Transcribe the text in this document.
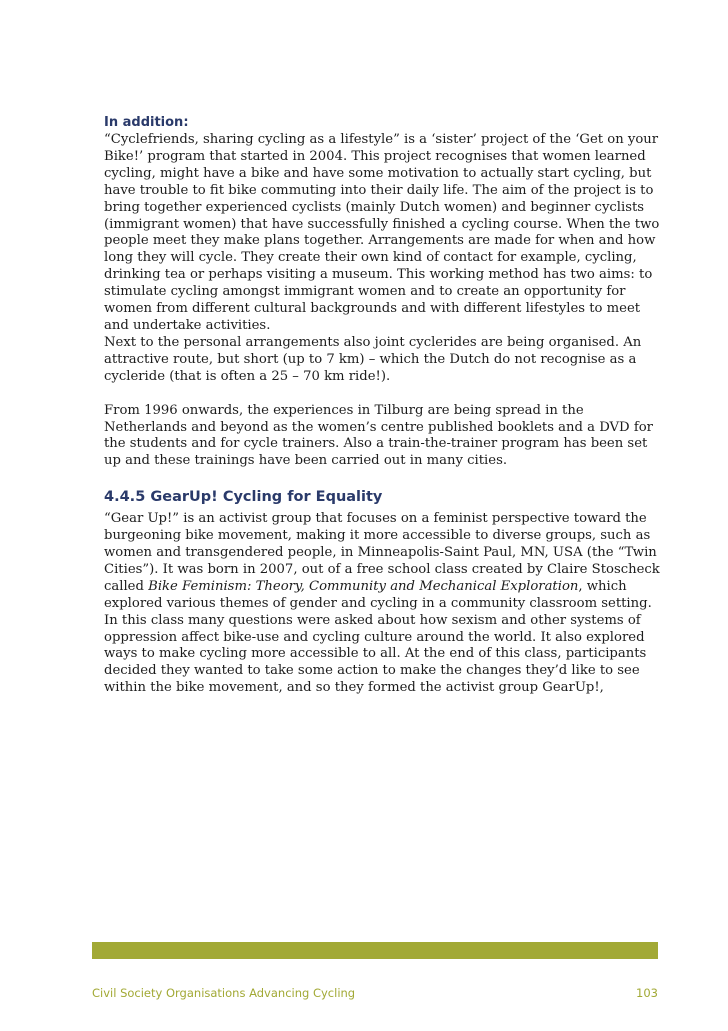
In addition:

“Cyclefriends, sharing cycling as a lifestyle” is a ‘sister’ project of the ‘Get on your Bike!’ program that started in 2004. This project recognises that women learned cycling, might have a bike and have some motivation to actually start cycling, but have trouble to fit bike commuting into their daily life. The aim of the project is to bring together experienced cyclists (mainly Dutch women) and beginner cyclists (immigrant women) that have successfully finished a cycling course. When the two people meet they make plans together. Arrangements are made for when and how long they will cycle. They create their own kind of contact for example, cycling, drinking tea or perhaps visiting a museum. This working method has two aims: to stimulate cycling amongst immigrant women and to create an opportunity for women from different cultural backgrounds and with different lifestyles to meet and undertake activities.

Next to the personal arrangements also joint cyclerides are being organised. An attractive route, but short (up to 7 km) – which the Dutch do not recognise as a cycleride (that is often a 25 – 70 km ride!).

From 1996 onwards, the experiences in Tilburg are being spread in the Netherlands and beyond as the women’s centre published booklets and a DVD for the students and for cycle trainers. Also a train-the-trainer program has been set up and these trainings have been carried out in many cities.

4.4.5 GearUp! Cycling for Equality

“Gear Up!” is an activist group that focuses on a feminist perspective toward the burgeoning bike movement, making it more accessible to diverse groups, such as women and transgendered people, in Minneapolis-Saint Paul, MN, USA (the “Twin Cities”). It was born in 2007, out of a free school class created by Claire Stoscheck called Bike Feminism: Theory, Community and Mechanical Exploration, which explored various themes of gender and cycling in a community classroom setting. In this class many questions were asked about how sexism and other systems of oppression affect bike-use and cycling culture around the world. It also explored ways to make cycling more accessible to all. At the end of this class, participants decided they wanted to take some action to make the changes they’d like to see within the bike movement, and so they formed the activist group GearUp!,

Civil Society Organisations Advancing Cycling	103
